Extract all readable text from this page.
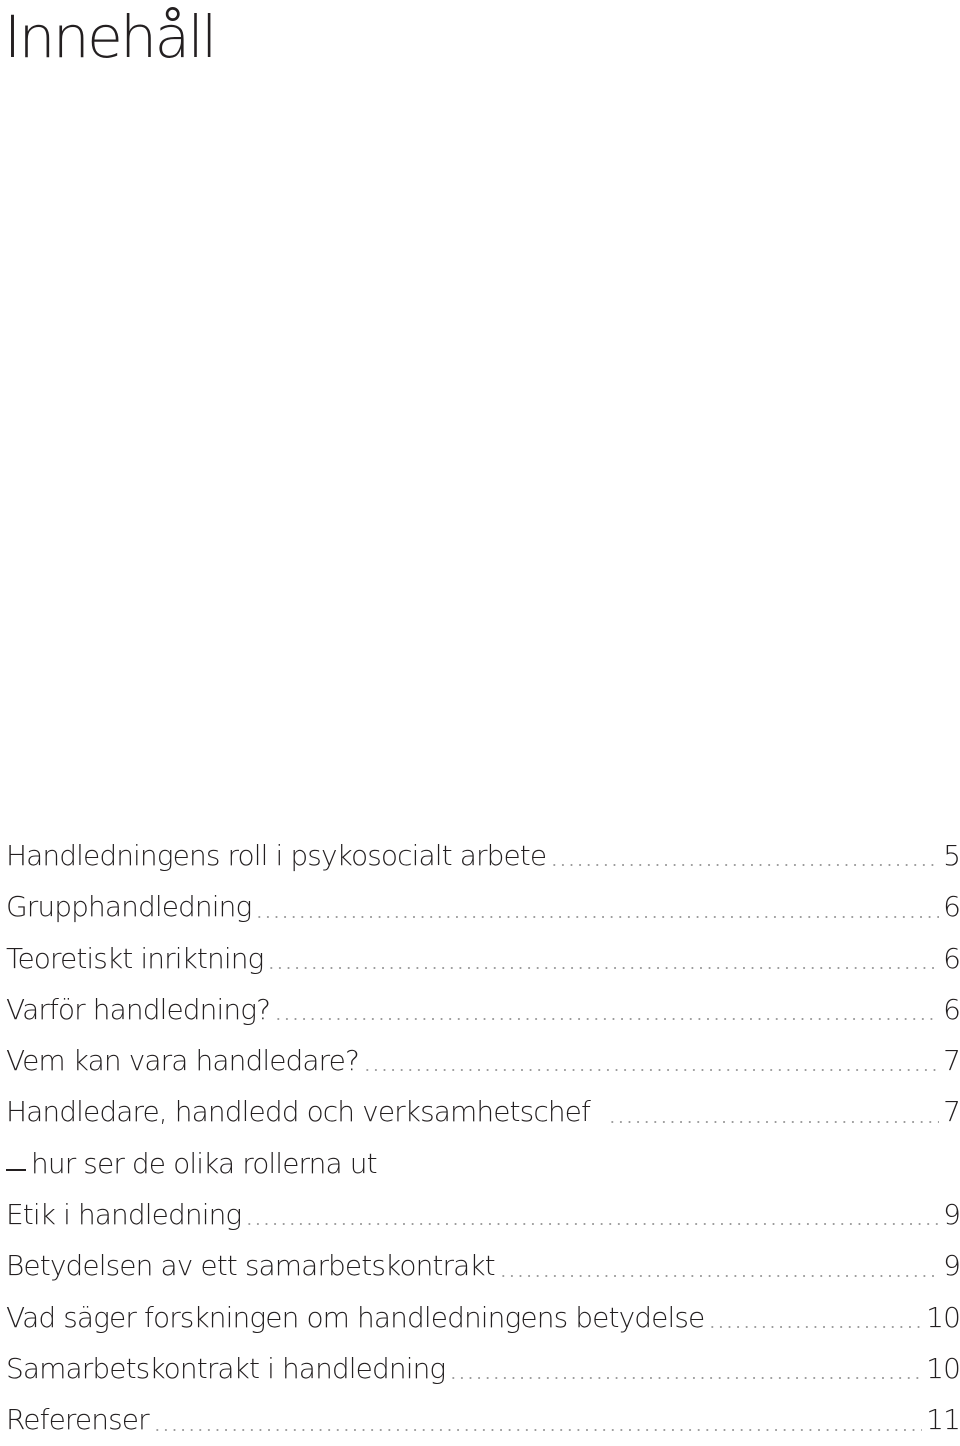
Innehåll
Handledningens roll i psykosocialt arbete	5
Grupphandledning	6
Teoretiskt inriktning	6
Varför handledning?	6
Vem kan vara handledare?	7
Handledare, handledd och verksamhetschef	7
hur ser de olika rollerna ut
Etik i handledning	9
Betydelsen av ett samarbetskontrakt	9
Vad säger forskningen om handledningens betydelse	10
Samarbetskontrakt i handledning	10
Referenser	11
